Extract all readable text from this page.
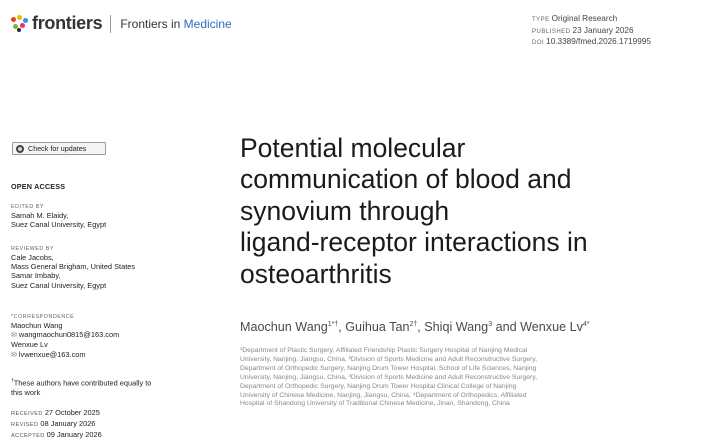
frontiers Frontiers in Medicine	TYPE Original Research
PUBLISHED 23 January 2026
DOI 10.3389/fmed.2026.1719995
Check for updates
OPEN ACCESS
EDITED BY
Samah M. Elaidy,
Suez Canal University, Egypt
REVIEWED BY
Cale Jacobs,
Mass General Brigham, United States
Samar Imbaby,
Suez Canal University, Egypt
*CORRESPONDENCE
Maochun Wang
✉ wangmaochun0815@163.com
Wenxue Lv
✉ lvwenxue@163.com
†These authors have contributed equally to
this work
RECEIVED 27 October 2025
REVISED 08 January 2026
ACCEPTED 09 January 2026
Potential molecular
communication of blood and
synovium through
ligand-receptor interactions in
osteoarthritis
Maochun Wang$^{1*\dagger}$, Guihua Tan$^{2\dagger}$, Shiqi Wang$^3$ and Wenxue $Lv^{4*}$
¹Department of Plastic Surgery, Affiliated Friendship Plastic Surgery Hospital of Nanjing Medical
University, Nanjing, Jiangsu, China, ²Division of Sports Medicine and Adult Reconstructive Surgery,
Department of Orthopedic Surgery, Nanjing Drum Tower Hospital, School of Life Sciences, Nanjing
University, Nanjing, Jiangsu, China, ³Division of Sports Medicine and Adult Reconstructive Surgery,
Department of Orthopedic Surgery, Nanjing Drum Tower Hospital Clinical College of Nanjing
University of Chinese Medicine, Nanjing, Jiangsu, China, ⁴Department of Orthopedics, Affiliated
Hospital of Shandong University of Traditional Chinese Medicine, Jinan, Shandong, China
